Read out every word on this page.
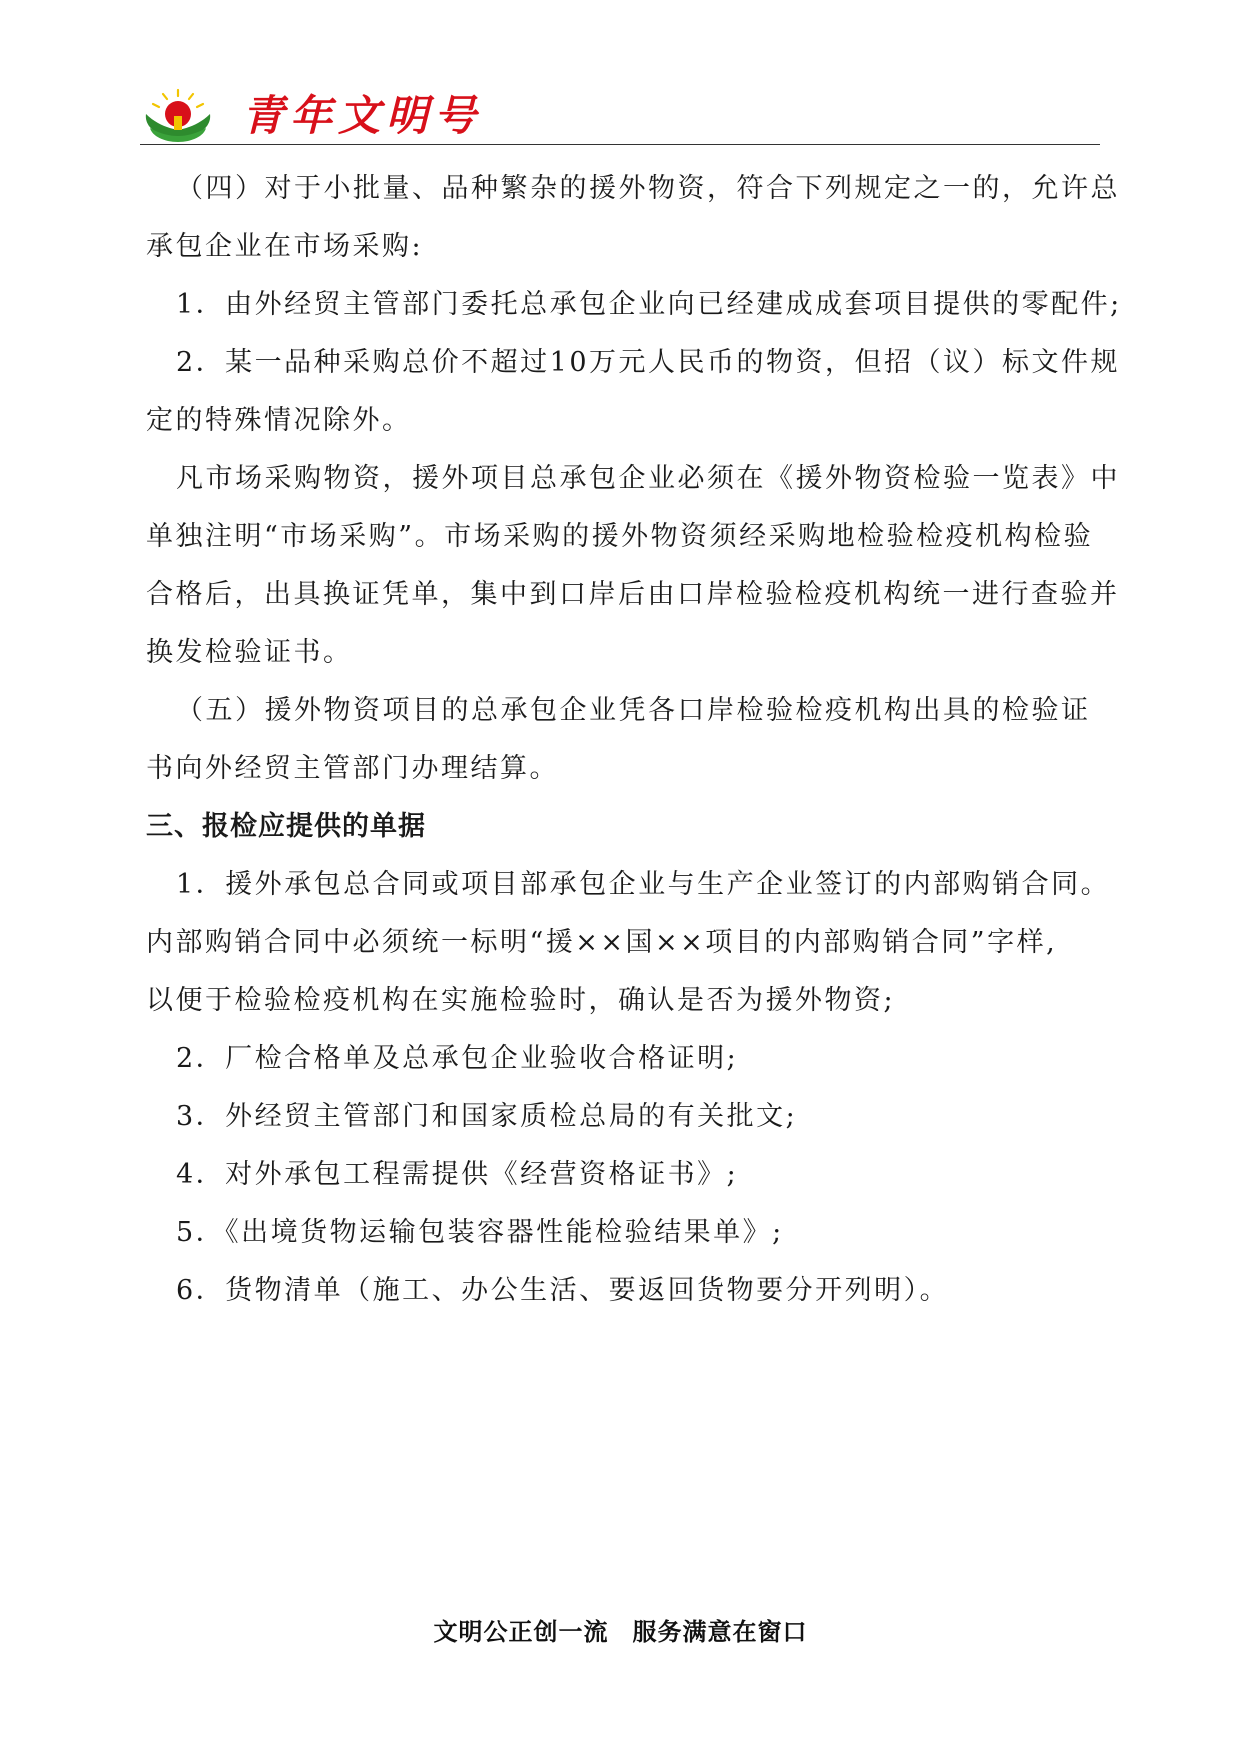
青年文明号

（四）对于小批量、品种繁杂的援外物资，符合下列规定之一的，允许总

承包企业在市场采购:

1．由外经贸主管部门委托总承包企业向已经建成成套项目提供的零配件;

2．某一品种采购总价不超过10万元人民币的物资，但招（议）标文件规

定的特殊情况除外。

凡市场采购物资，援外项目总承包企业必须在《援外物资检验一览表》中

单独注明“市场采购”。市场采购的援外物资须经采购地检验检疫机构检验

合格后，出具换证凭单，集中到口岸后由口岸检验检疫机构统一进行查验并

换发检验证书。

（五）援外物资项目的总承包企业凭各口岸检验检疫机构出具的检验证

书向外经贸主管部门办理结算。

三、报检应提供的单据

1．援外承包总合同或项目部承包企业与生产企业签订的内部购销合同。

内部购销合同中必须统一标明“援××国××项目的内部购销合同”字样,

以便于检验检疫机构在实施检验时，确认是否为援外物资;

2．厂检合格单及总承包企业验收合格证明;

3．外经贸主管部门和国家质检总局的有关批文;

4．对外承包工程需提供《经营资格证书》;

5．《出境货物运输包装容器性能检验结果单》;

6．货物清单（施工、办公生活、要返回货物要分开列明）。

文明公正创一流 服务满意在窗口
